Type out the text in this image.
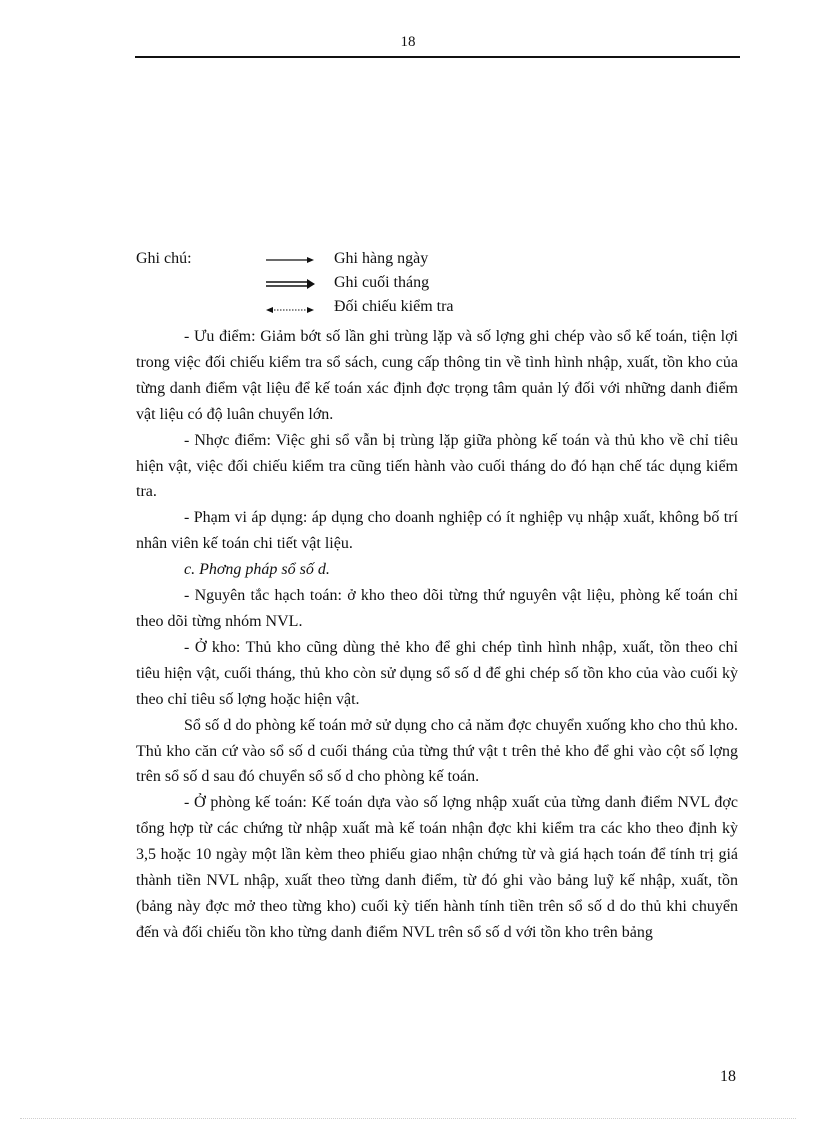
18
Ghi chú:	Ghi hàng ngày
Ghi cuối tháng
Đối chiếu kiểm tra

- Ưu điểm: Giảm bớt số lần ghi trùng lặp và số lợng ghi chép vào sổ kế toán, tiện lợi trong việc đối chiếu kiểm tra sổ sách, cung cấp thông tin về tình hình nhập, xuất, tồn kho của từng danh điểm vật liệu để kế toán xác định đợc trọng tâm quản lý đối với những danh điểm vật liệu có độ luân chuyển lớn.

- Nhợc điểm: Việc ghi sổ vẫn bị trùng lặp giữa phòng kế toán và thủ kho về chỉ tiêu hiện vật, việc đối chiếu kiểm tra cũng tiến hành vào cuối tháng do đó hạn chế tác dụng kiểm tra.

- Phạm vi áp dụng: áp dụng cho doanh nghiệp có ít nghiệp vụ nhập xuất, không bố trí nhân viên kế toán chi tiết vật liệu.

c. Phơng pháp sổ số d.

- Nguyên tắc hạch toán: ở kho theo dõi từng thứ nguyên vật liệu, phòng kế toán chỉ theo dõi từng nhóm NVL.

- Ở kho: Thủ kho cũng dùng thẻ kho để ghi chép tình hình nhập, xuất, tồn theo chỉ tiêu hiện vật, cuối tháng, thủ kho còn sử dụng sổ số d để ghi chép số tồn kho của vào cuối kỳ theo chỉ tiêu số lợng hoặc hiện vật.

Sổ số d do phòng kế toán mở sử dụng cho cả năm đợc chuyển xuống kho cho thủ kho. Thủ kho căn cứ vào sổ số d cuối tháng của từng thứ vật t trên thẻ kho để ghi vào cột số lợng trên sổ số d sau đó chuyển sổ số d cho phòng kế toán.

- Ở phòng kế toán: Kế toán dựa vào số lợng nhập xuất của từng danh điểm NVL đợc tổng hợp từ các chứng từ nhập xuất mà kế toán nhận đợc khi kiểm tra các kho theo định kỳ 3,5 hoặc 10 ngày một lần kèm theo phiếu giao nhận chứng từ và giá hạch toán để tính trị giá thành tiền NVL nhập, xuất theo từng danh điểm, từ đó ghi vào bảng luỹ kế nhập, xuất, tồn (bảng này đợc mở theo từng kho) cuối kỳ tiến hành tính tiền trên sổ số d do thủ khi chuyển đến và đối chiếu tồn kho từng danh điểm NVL trên sổ số d với tồn kho trên bảng

18
